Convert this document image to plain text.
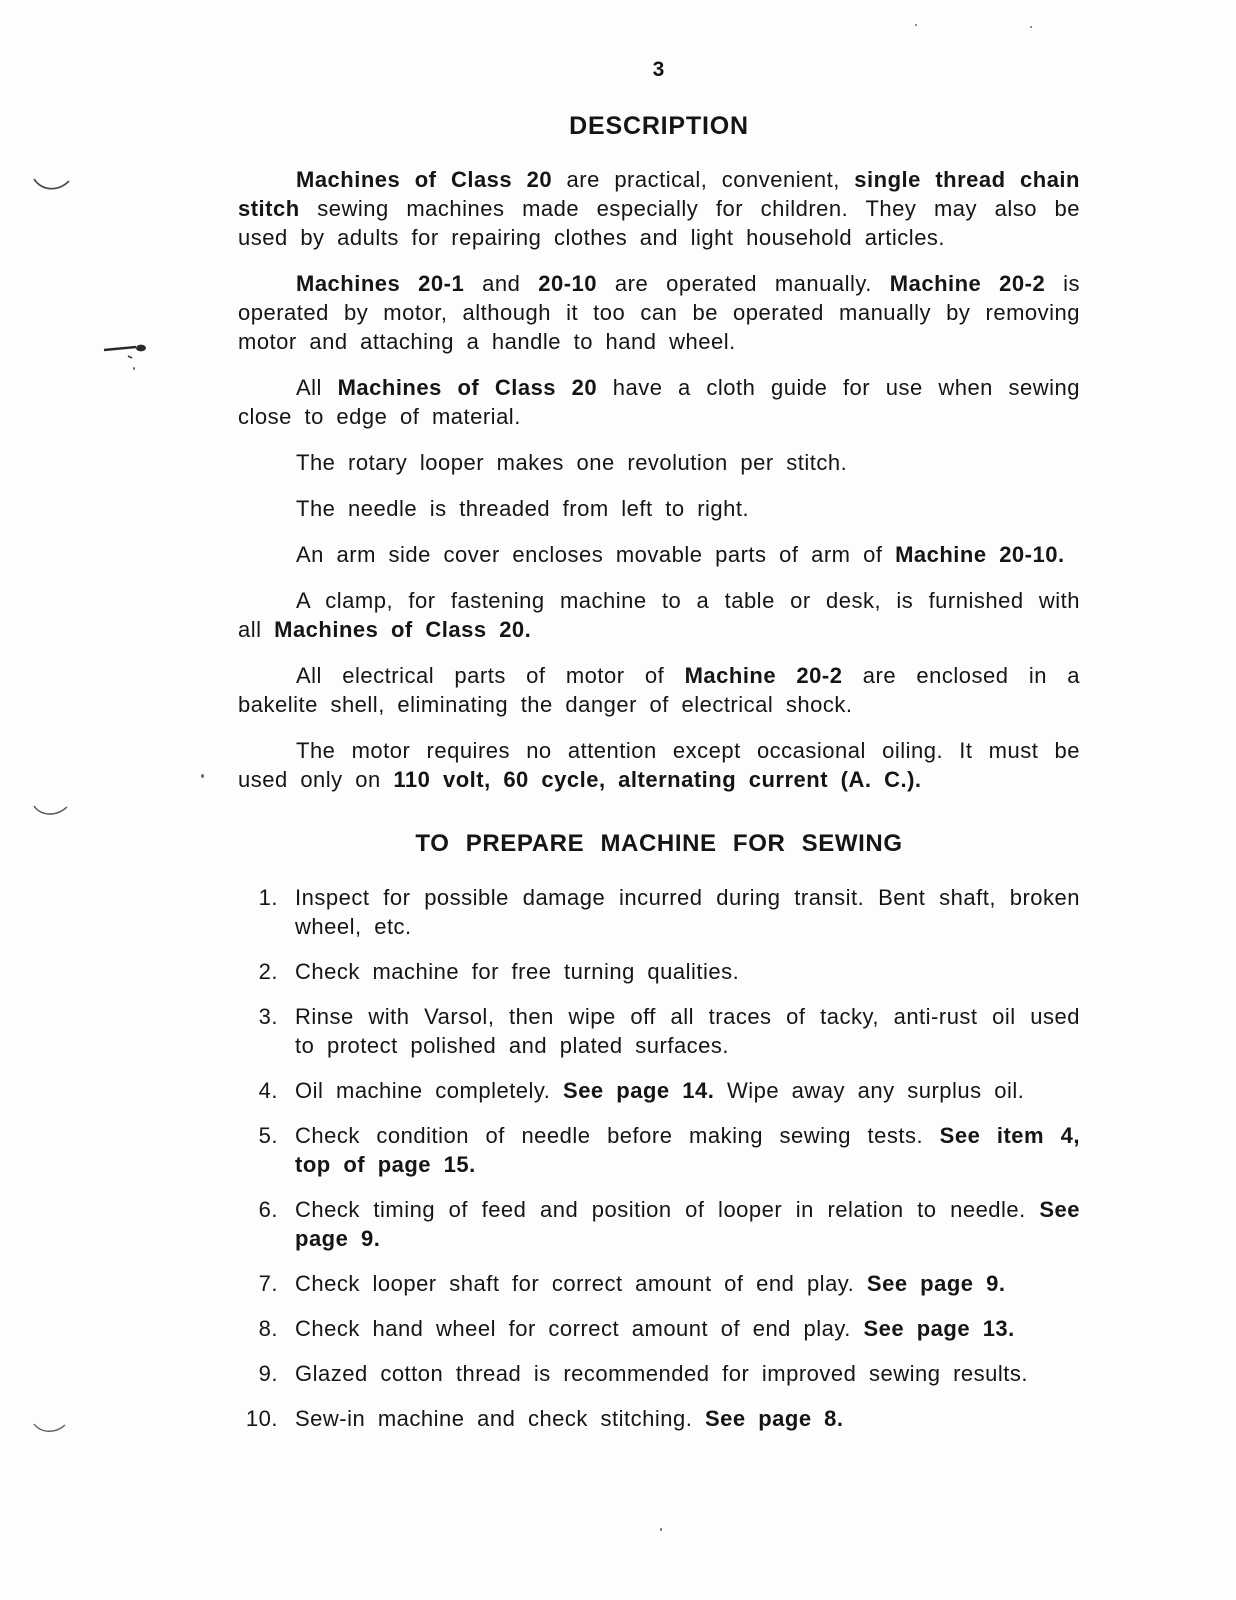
3
DESCRIPTION

Machines of Class 20 are practical, convenient, single thread chain stitch sewing machines made especially for children. They may also be used by adults for repairing clothes and light household articles.

Machines 20-1 and 20-10 are operated manually. Machine 20-2 is operated by motor, although it too can be operated manually by removing motor and attaching a handle to hand wheel.

All Machines of Class 20 have a cloth guide for use when sewing close to edge of material.

The rotary looper makes one revolution per stitch.

The needle is threaded from left to right.

An arm side cover encloses movable parts of arm of Machine 20-10.

A clamp, for fastening machine to a table or desk, is furnished with all Machines of Class 20.

All electrical parts of motor of Machine 20-2 are enclosed in a bakelite shell, eliminating the danger of electrical shock.

The motor requires no attention except occasional oiling. It must be used only on 110 volt, 60 cycle, alternating current (A. C.).

TO PREPARE MACHINE FOR SEWING
1. Inspect for possible damage incurred during transit. Bent shaft, broken wheel, etc.
2. Check machine for free turning qualities.
3. Rinse with Varsol, then wipe off all traces of tacky, anti-rust oil used to protect polished and plated surfaces.
4. Oil machine completely. See page 14. Wipe away any surplus oil.
5. Check condition of needle before making sewing tests. See item 4, top of page 15.
6. Check timing of feed and position of looper in relation to needle. See page 9.
7. Check looper shaft for correct amount of end play. See page 9.
8. Check hand wheel for correct amount of end play. See page 13.
9. Glazed cotton thread is recommended for improved sewing results.
10. Sew-in machine and check stitching. See page 8.
